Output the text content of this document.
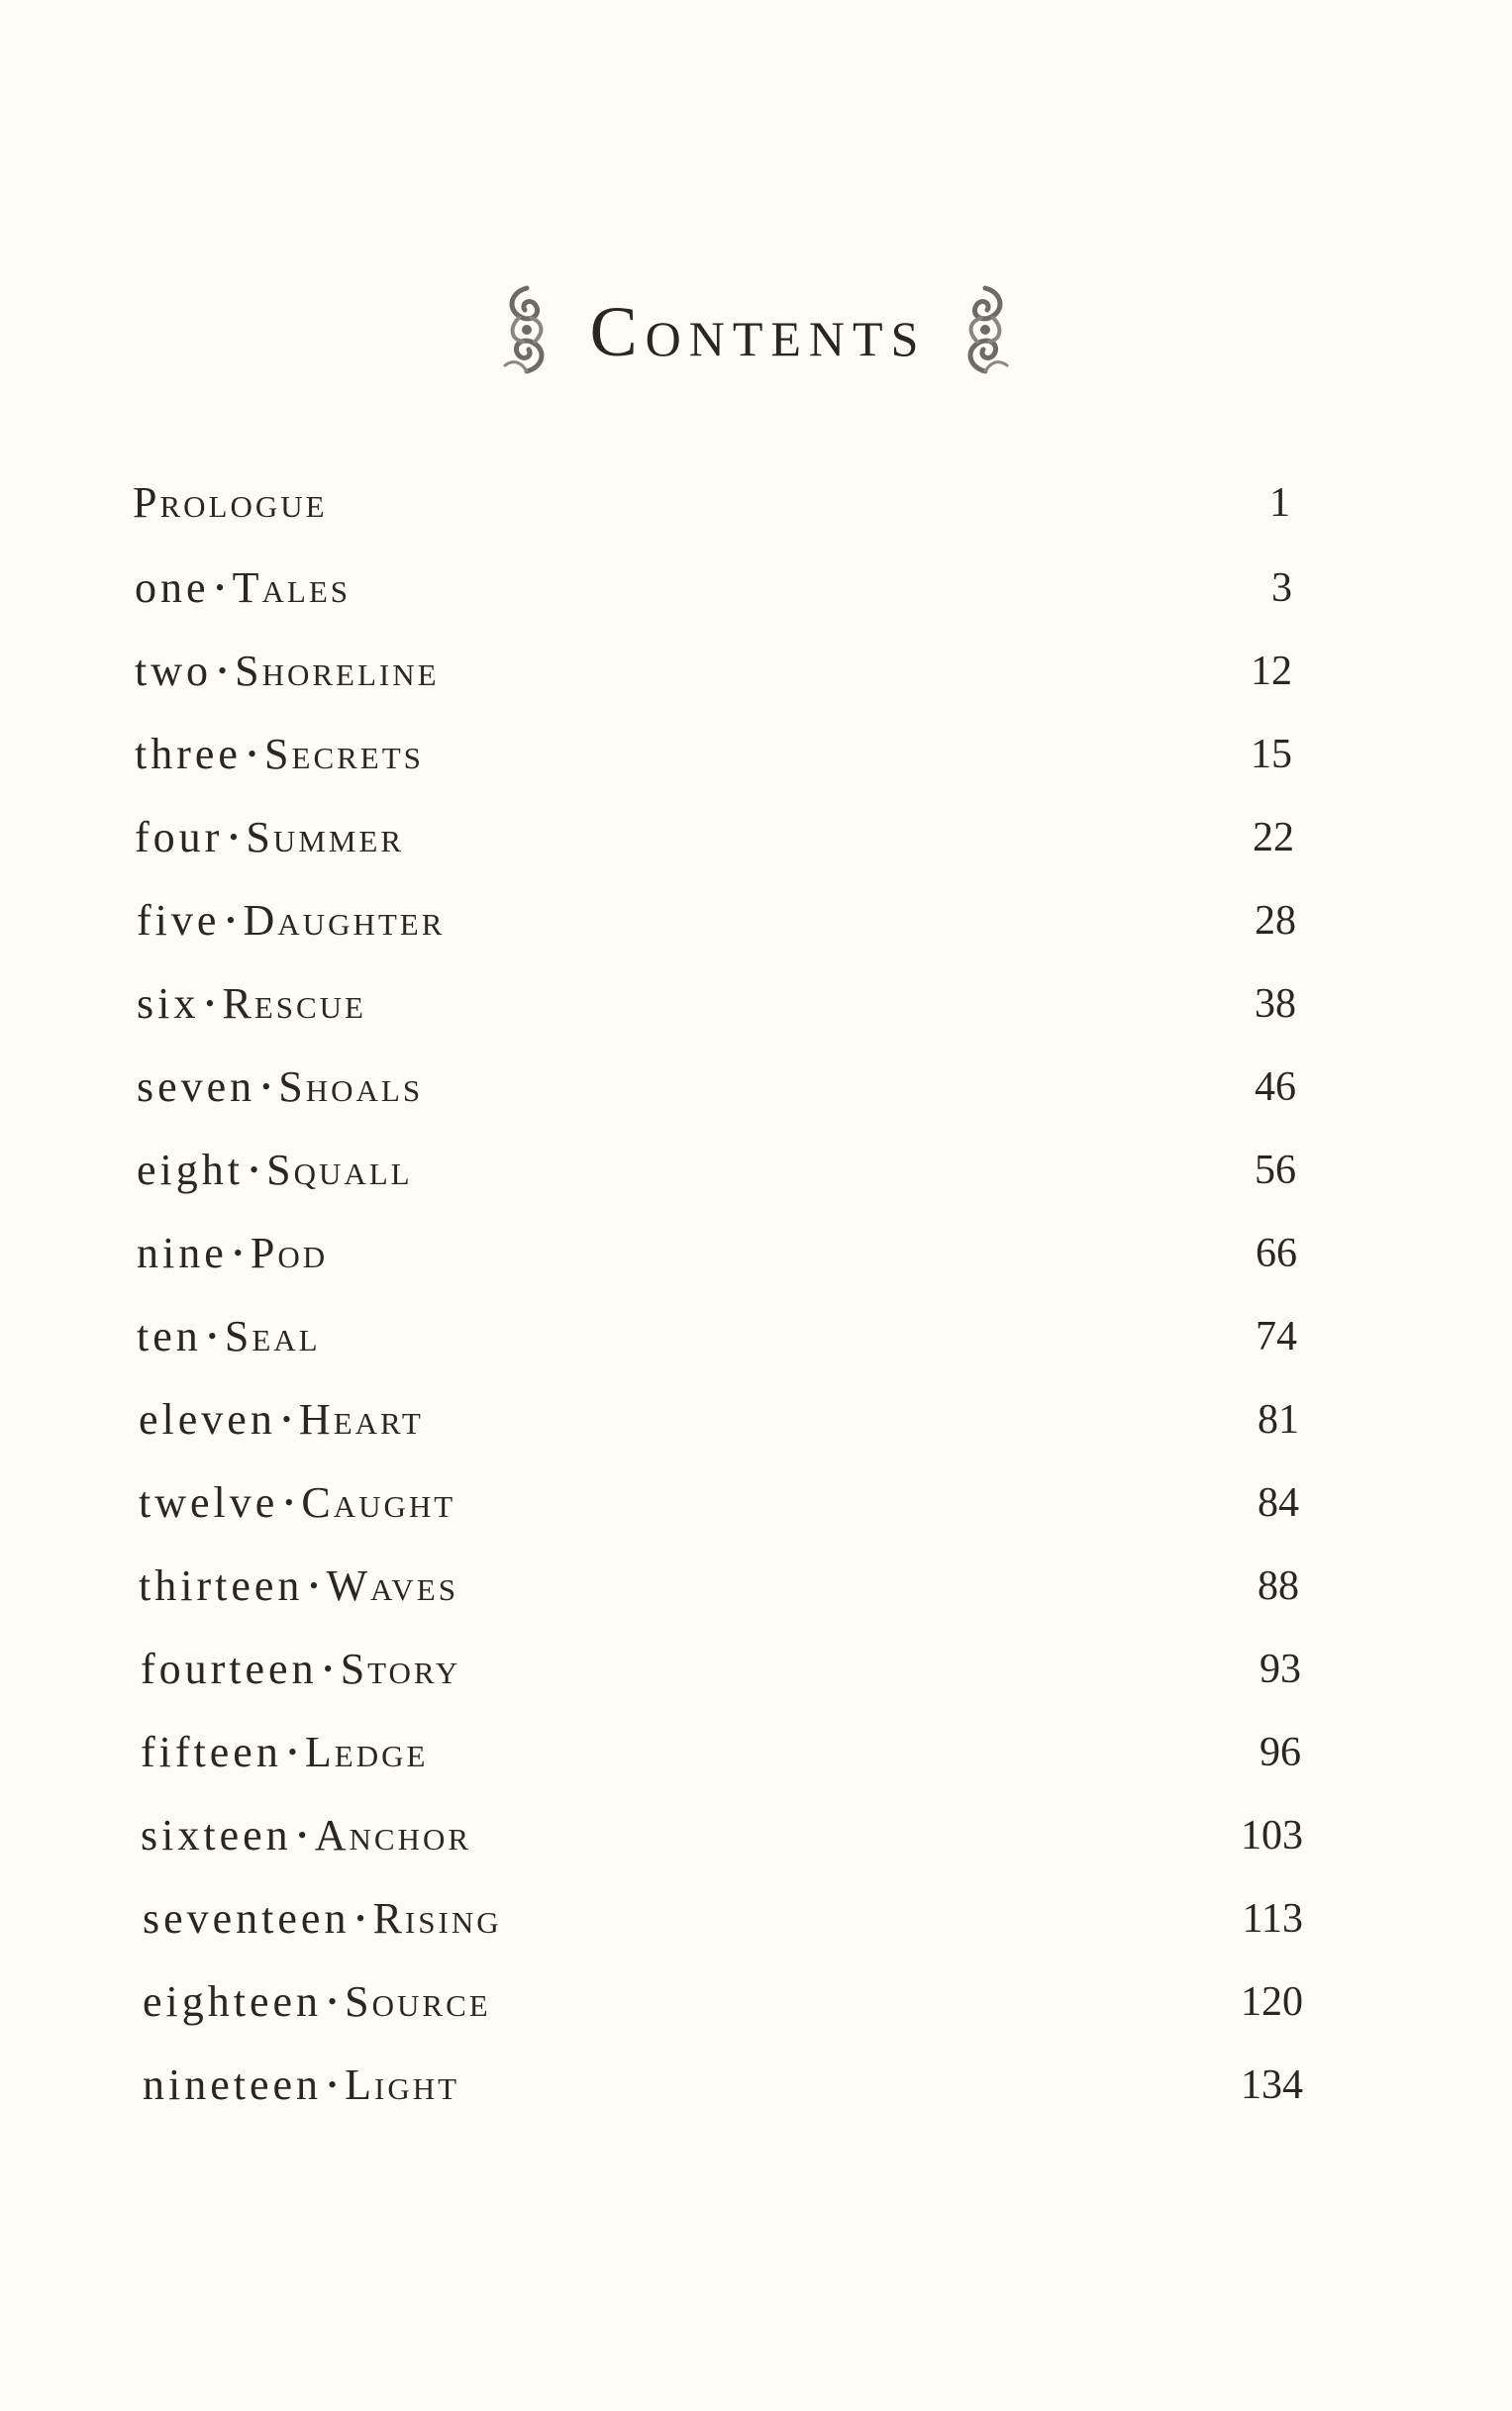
Contents
Prologue	1
one • Tales	3
two • Shoreline	12
three • Secrets	15
four • Summer	22
five • Daughter	28
six • Rescue	38
seven • Shoals	46
eight • Squall	56
nine • Pod	66
ten • Seal	74
eleven • Heart	81
twelve • Caught	84
thirteen • Waves	88
fourteen • Story	93
fifteen • Ledge	96
sixteen • Anchor	103
seventeen • Rising	113
eighteen • Source	120
nineteen • Light	134
